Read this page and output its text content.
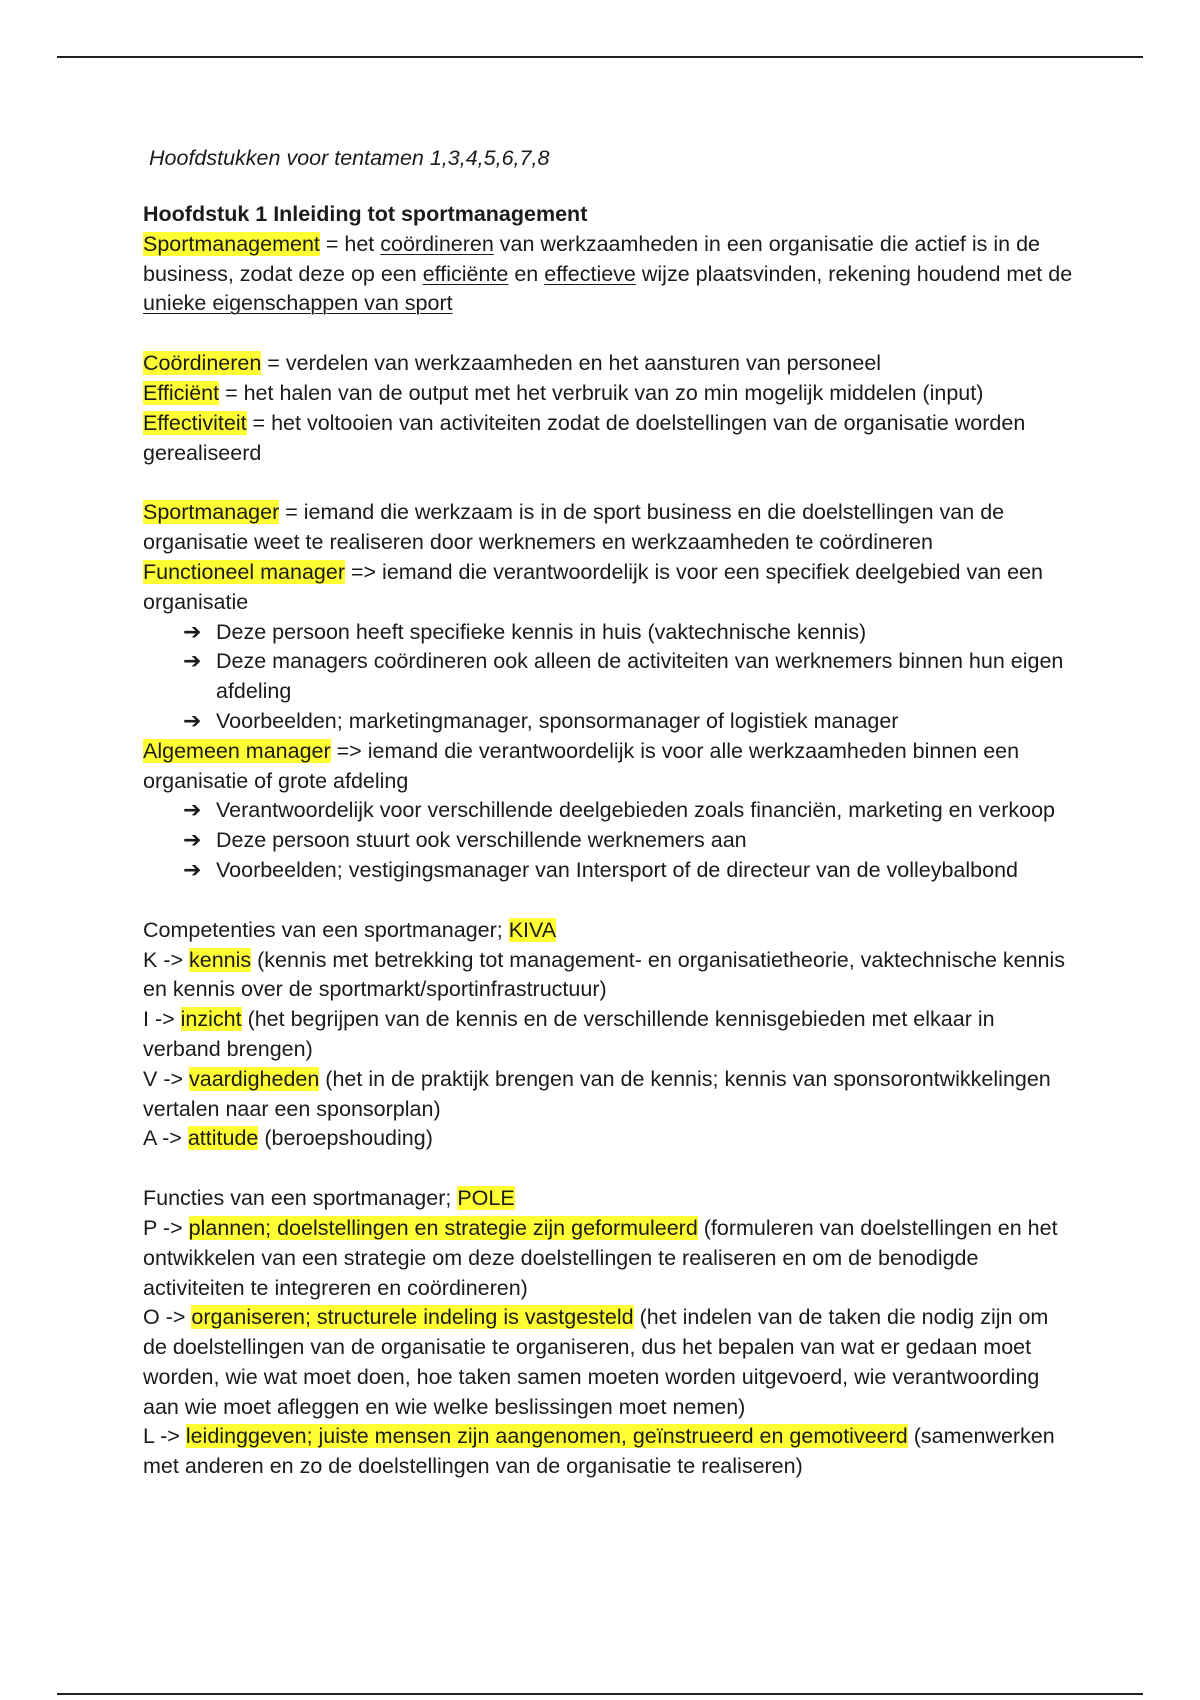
Hoofdstukken voor tentamen 1,3,4,5,6,7,8

Hoofdstuk 1 Inleiding tot sportmanagement

Sportmanagement = het coördineren van werkzaamheden in een organisatie die actief is in de business, zodat deze op een efficiënte en effectieve wijze plaatsvinden, rekening houdend met de unieke eigenschappen van sport

Coördineren = verdelen van werkzaamheden en het aansturen van personeel

Efficiënt = het halen van de output met het verbruik van zo min mogelijk middelen (input)

Effectiviteit = het voltooien van activiteiten zodat de doelstellingen van de organisatie worden gerealiseerd

Sportmanager = iemand die werkzaam is in de sport business en die doelstellingen van de organisatie weet te realiseren door werknemers en werkzaamheden te coördineren

Functioneel manager => iemand die verantwoordelijk is voor een specifiek deelgebied van een organisatie

➔ Deze persoon heeft specifieke kennis in huis (vaktechnische kennis)
➔ Deze managers coördineren ook alleen de activiteiten van werknemers binnen hun eigen afdeling
➔ Voorbeelden; marketingmanager, sponsormanager of logistiek manager

Algemeen manager => iemand die verantwoordelijk is voor alle werkzaamheden binnen een organisatie of grote afdeling

➔ Verantwoordelijk voor verschillende deelgebieden zoals financiën, marketing en verkoop
➔ Deze persoon stuurt ook verschillende werknemers aan
➔ Voorbeelden; vestigingsmanager van Intersport of de directeur van de volleybalbond

Competenties van een sportmanager; KIVA

K -> kennis (kennis met betrekking tot management- en organisatietheorie, vaktechnische kennis en kennis over de sportmarkt/sportinfrastructuur)

I -> inzicht (het begrijpen van de kennis en de verschillende kennisgebieden met elkaar in verband brengen)

V -> vaardigheden (het in de praktijk brengen van de kennis; kennis van sponsorontwikkelingen vertalen naar een sponsorplan)

A -> attitude (beroepshouding)

Functies van een sportmanager; POLE

P -> plannen; doelstellingen en strategie zijn geformuleerd (formuleren van doelstellingen en het ontwikkelen van een strategie om deze doelstellingen te realiseren en om de benodigde activiteiten te integreren en coördineren)

O -> organiseren; structurele indeling is vastgesteld (het indelen van de taken die nodig zijn om de doelstellingen van de organisatie te organiseren, dus het bepalen van wat er gedaan moet worden, wie wat moet doen, hoe taken samen moeten worden uitgevoerd, wie verantwoording aan wie moet afleggen en wie welke beslissingen moet nemen)

L -> leidinggeven; juiste mensen zijn aangenomen, geïnstrueerd en gemotiveerd (samenwerken met anderen en zo de doelstellingen van de organisatie te realiseren)
